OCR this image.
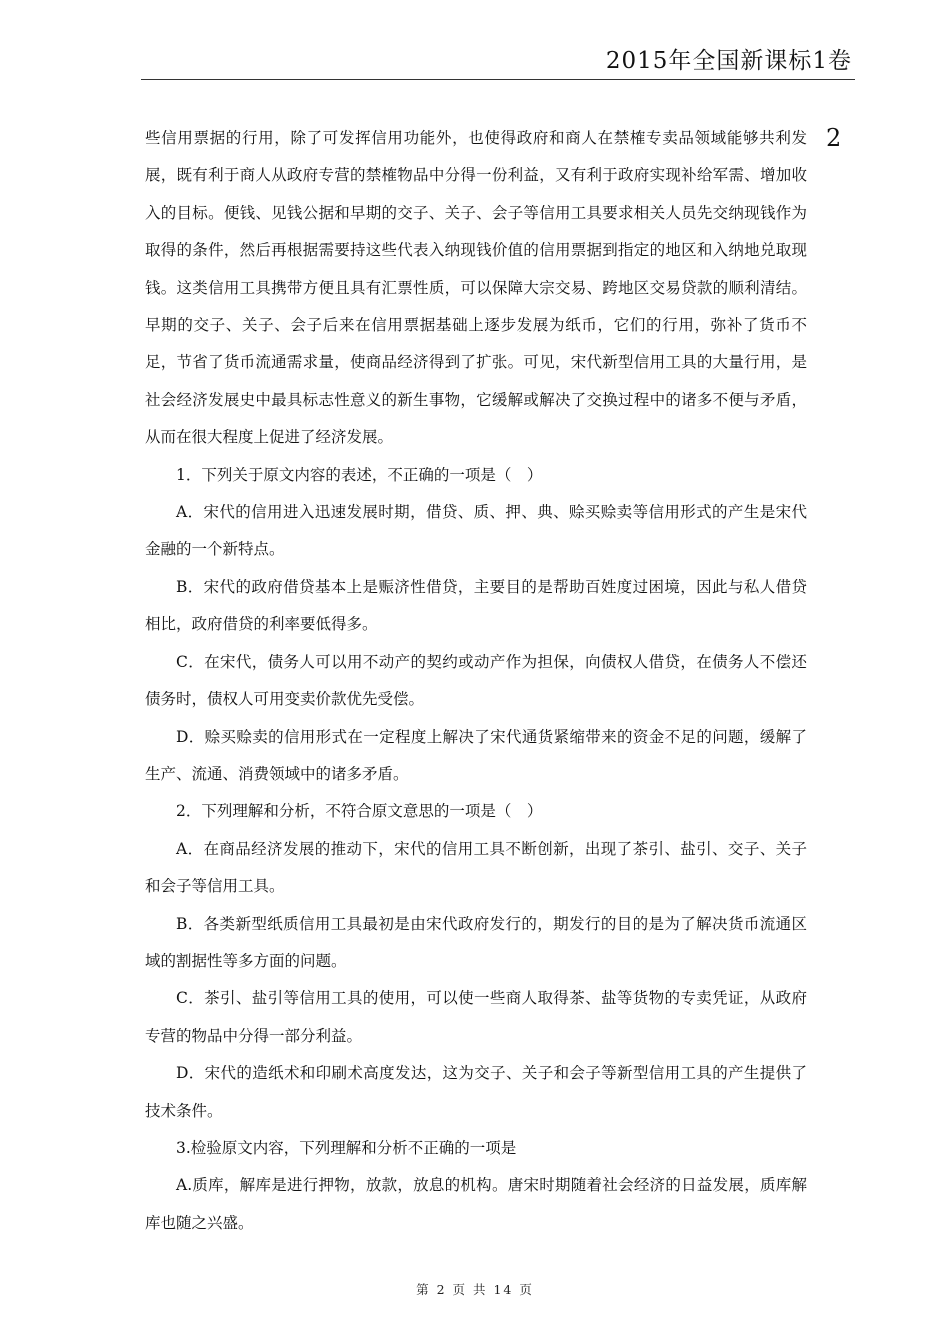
2015年全国新课标1卷
2

些信用票据的行用，除了可发挥信用功能外，也使得政府和商人在禁榷专卖品领域能够共利发展，既有利于商人从政府专营的禁榷物品中分得一份利益，又有利于政府实现补给军需、增加收入的目标。便钱、见钱公据和早期的交子、关子、会子等信用工具要求相关人员先交纳现钱作为取得的条件，然后再根据需要持这些代表入纳现钱价值的信用票据到指定的地区和入纳地兑取现钱。这类信用工具携带方便且具有汇票性质，可以保障大宗交易、跨地区交易贷款的顺利清结。早期的交子、关子、会子后来在信用票据基础上逐步发展为纸币，它们的行用，弥补了货币不足，节省了货币流通需求量，使商品经济得到了扩张。可见，宋代新型信用工具的大量行用，是社会经济发展史中最具标志性意义的新生事物，它缓解或解决了交换过程中的诸多不便与矛盾，从而在很大程度上促进了经济发展。

1．下列关于原文内容的表述，不正确的一项是（　）

A．宋代的信用进入迅速发展时期，借贷、质、押、典、赊买赊卖等信用形式的产生是宋代金融的一个新特点。

B．宋代的政府借贷基本上是赈济性借贷，主要目的是帮助百姓度过困境，因此与私人借贷相比，政府借贷的利率要低得多。

C．在宋代，债务人可以用不动产的契约或动产作为担保，向债权人借贷，在债务人不偿还债务时，债权人可用变卖价款优先受偿。

D．赊买赊卖的信用形式在一定程度上解决了宋代通货紧缩带来的资金不足的问题，缓解了生产、流通、消费领域中的诸多矛盾。

2．下列理解和分析，不符合原文意思的一项是（　）

A．在商品经济发展的推动下，宋代的信用工具不断创新，出现了茶引、盐引、交子、关子和会子等信用工具。

B．各类新型纸质信用工具最初是由宋代政府发行的，期发行的目的是为了解决货币流通区域的割据性等多方面的问题。

C．茶引、盐引等信用工具的使用，可以使一些商人取得茶、盐等货物的专卖凭证，从政府专营的物品中分得一部分利益。

D．宋代的造纸术和印刷术高度发达，这为交子、关子和会子等新型信用工具的产生提供了技术条件。

3.检验原文内容，下列理解和分析不正确的一项是

A.质库，解库是进行押物，放款，放息的机构。唐宋时期随着社会经济的日益发展，质库解库也随之兴盛。

第 2 页 共 14 页
